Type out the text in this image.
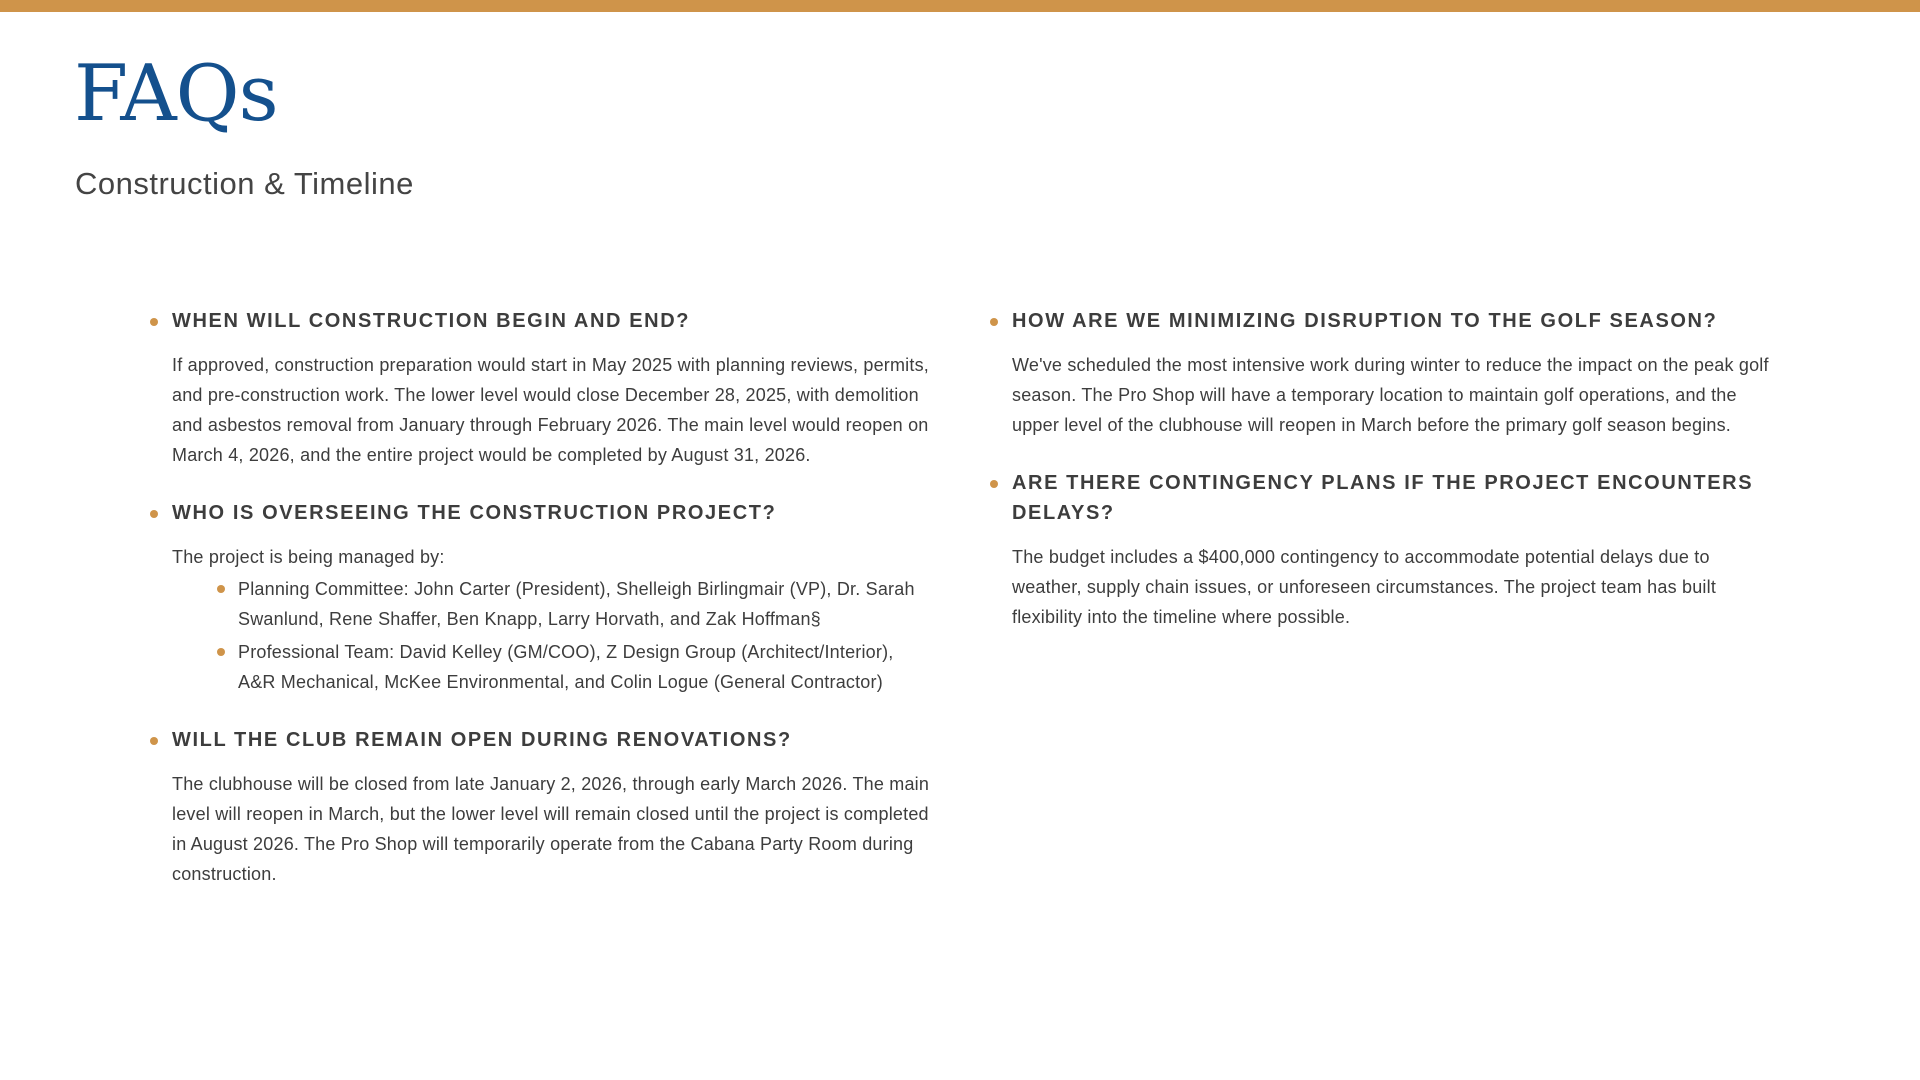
FAQs
Construction & Timeline
WHEN WILL CONSTRUCTION BEGIN AND END?

If approved, construction preparation would start in May 2025 with planning reviews, permits, and pre-construction work. The lower level would close December 28, 2025, with demolition and asbestos removal from January through February 2026. The main level would reopen on March 4, 2026, and the entire project would be completed by August 31, 2026.

WHO IS OVERSEEING THE CONSTRUCTION PROJECT?

The project is being managed by:

Planning Committee: John Carter (President), Shelleigh Birlingmair (VP), Dr. Sarah Swanlund, Rene Shaffer, Ben Knapp, Larry Horvath, and Zak Hoffman§
Professional Team: David Kelley (GM/COO), Z Design Group (Architect/Interior), A&R Mechanical, McKee Environmental, and Colin Logue (General Contractor)
WILL THE CLUB REMAIN OPEN DURING RENOVATIONS?

The clubhouse will be closed from late January 2, 2026, through early March 2026. The main level will reopen in March, but the lower level will remain closed until the project is completed in August 2026. The Pro Shop will temporarily operate from the Cabana Party Room during construction.

HOW ARE WE MINIMIZING DISRUPTION TO THE GOLF SEASON?

We've scheduled the most intensive work during winter to reduce the impact on the peak golf season. The Pro Shop will have a temporary location to maintain golf operations, and the upper level of the clubhouse will reopen in March before the primary golf season begins.

ARE THERE CONTINGENCY PLANS IF THE PROJECT ENCOUNTERS DELAYS?

The budget includes a $400,000 contingency to accommodate potential delays due to weather, supply chain issues, or unforeseen circumstances. The project team has built flexibility into the timeline where possible.
